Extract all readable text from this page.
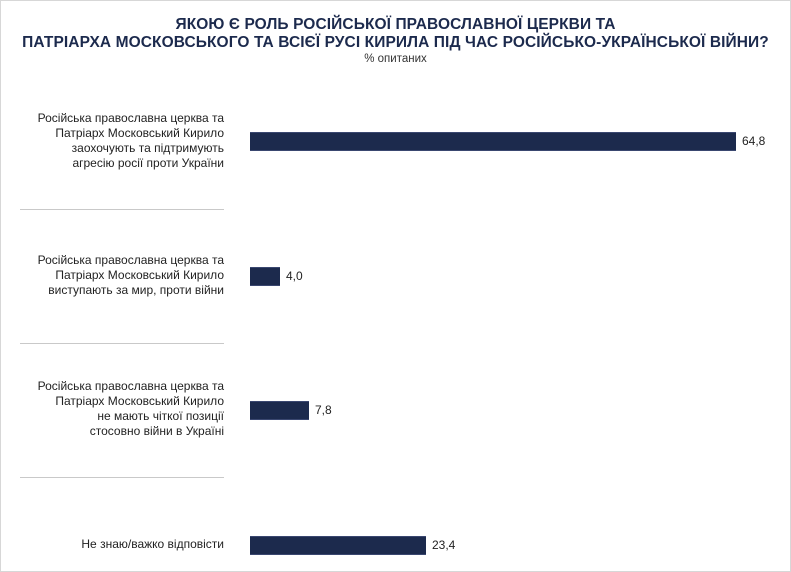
ЯКОЮ Є РОЛЬ РОСІЙСЬКОЇ ПРАВОСЛАВНОЇ ЦЕРКВИ ТА
ПАТРІАРХА МОСКОВСЬКОГО ТА ВСІЄЇ РУСІ КИРИЛА ПІД ЧАС РОСІЙСЬКО-УКРАЇНСЬКОЇ ВІЙНИ?
% опитаних
Російська православна церква та
Патріарх Московський Кирило
заохочують та підтримують
агресію росії проти України
64,8
Російська православна церква та
Патріарх Московський Кирило
виступають за мир, проти війни
4,0
Російська православна церква та
Патріарх Московський Кирило
не мають чіткої позиції
стосовно війни в Україні
7,8
Не знаю/важко відповісти	23,4
